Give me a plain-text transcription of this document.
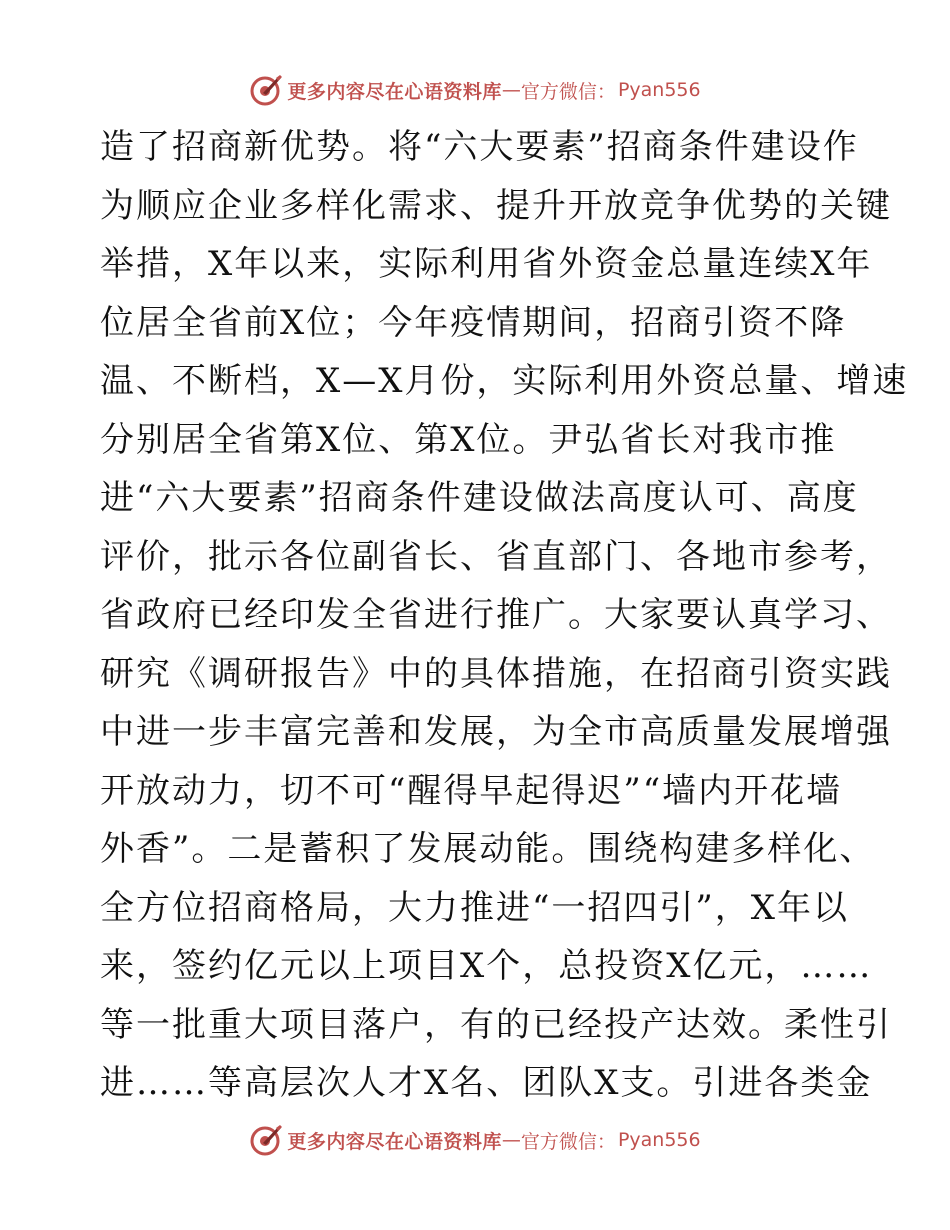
更多内容尽在心语资料库 — 官方微信： Pyan556
造了招商新优势。将“六大要素”招商条件建设作
为顺应企业多样化需求、提升开放竞争优势的关键
举措，X年以来，实际利用省外资金总量连续X年
位居全省前X位；今年疫情期间，招商引资不降
温、不断档，X—X月份，实际利用外资总量、增速
分别居全省第X位、第X位。尹弘省长对我市推
进“六大要素”招商条件建设做法高度认可、高度
评价，批示各位副省长、省直部门、各地市参考，
省政府已经印发全省进行推广。大家要认真学习、
研究《调研报告》中的具体措施，在招商引资实践
中进一步丰富完善和发展，为全市高质量发展增强
开放动力，切不可“醒得早起得迟”“墙内开花墙
外香”。二是蓄积了发展动能。围绕构建多样化、
全方位招商格局，大力推进“一招四引”，X年以
来，签约亿元以上项目X个，总投资X亿元，……
等一批重大项目落户，有的已经投产达效。柔性引
进……等高层次人才X名、团队X支。引进各类金
更多内容尽在心语资料库 — 官方微信： Pyan556
